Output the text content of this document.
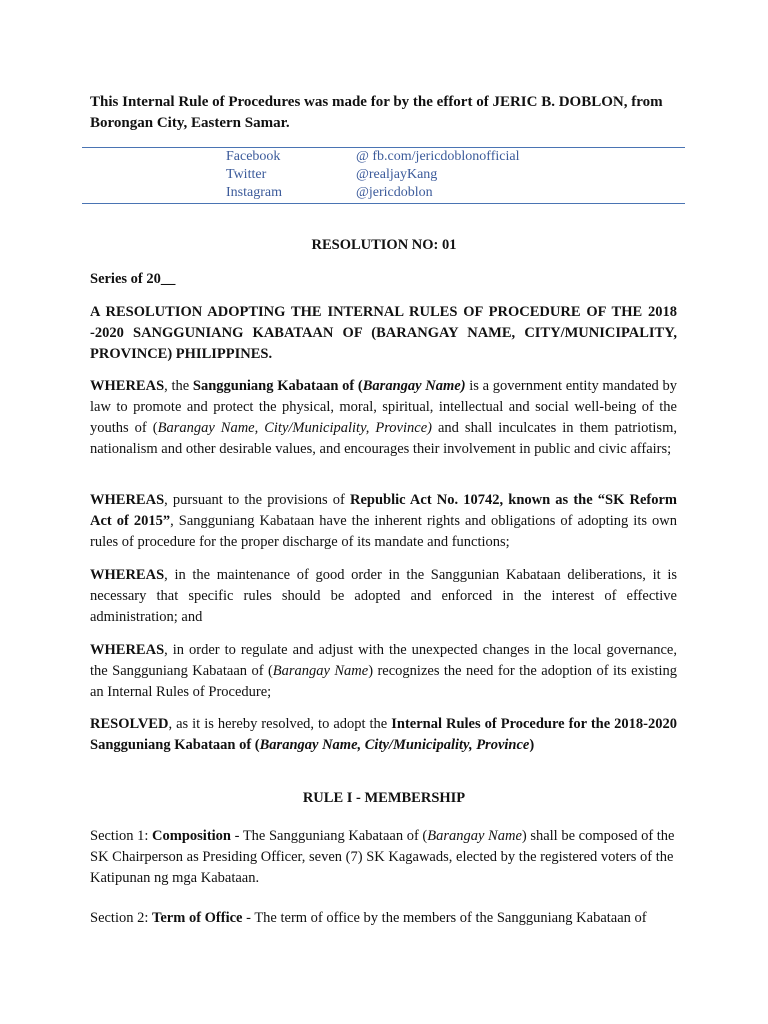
This Internal Rule of Procedures was made for by the effort of JERIC B. DOBLON, from Borongan City, Eastern Samar.
Facebook	@ fb.com/jericdoblonofficial
Twitter	@realjayKang
Instagram	@jericdoblon
RESOLUTION NO: 01
Series of 20__
A RESOLUTION ADOPTING THE INTERNAL RULES OF PROCEDURE OF THE 2018 -2020 SANGGUNIANG KABATAAN OF (BARANGAY NAME, CITY/MUNICIPALITY, PROVINCE) PHILIPPINES.
WHEREAS, the Sangguniang Kabataan of (Barangay Name) is a government entity mandated by law to promote and protect the physical, moral, spiritual, intellectual and social well-being of the youths of (Barangay Name, City/Municipality, Province) and shall inculcates in them patriotism, nationalism and other desirable values, and encourages their involvement in public and civic affairs;
WHEREAS, pursuant to the provisions of Republic Act No. 10742, known as the “SK Reform Act of 2015”, Sangguniang Kabataan have the inherent rights and obligations of adopting its own rules of procedure for the proper discharge of its mandate and functions;
WHEREAS, in the maintenance of good order in the Sanggunian Kabataan deliberations, it is necessary that specific rules should be adopted and enforced in the interest of effective administration; and
WHEREAS, in order to regulate and adjust with the unexpected changes in the local governance, the Sangguniang Kabataan of (Barangay Name) recognizes the need for the adoption of its existing an Internal Rules of Procedure;
RESOLVED, as it is hereby resolved, to adopt the Internal Rules of Procedure for the 2018-2020 Sangguniang Kabataan of (Barangay Name, City/Municipality, Province)
RULE I - MEMBERSHIP
Section 1: Composition - The Sangguniang Kabataan of (Barangay Name) shall be composed of the SK Chairperson as Presiding Officer, seven (7) SK Kagawads, elected by the registered voters of the Katipunan ng mga Kabataan.
Section 2: Term of Office - The term of office by the members of the Sangguniang Kabataan of
